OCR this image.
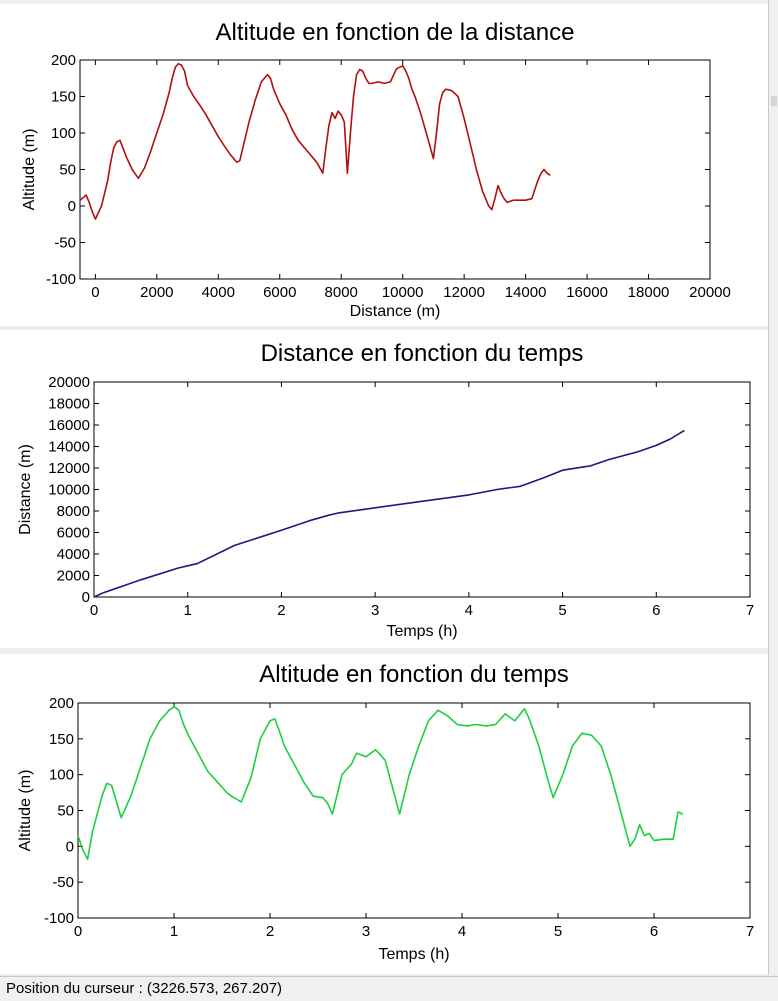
Altitude en fonction de la distance
0	2000 4000 6000 8000 10000 12000 14000 16000 18000 20000
-100
-50
0
50
100
150
200
Distance (m)
Altitude (m)
Distance en fonction du temps
0	1	2	3	4	5	6	7
0
2000
4000
6000
8000
10000
12000
14000
16000
18000
20000
Temps (h)
Distance (m)
Altitude en fonction du temps
0	1	2	3	4	5	6	7
-100
-50
0
50
100
150
200
Temps (h)
Altitude (m)
Position du curseur : (3226.573, 267.207)
